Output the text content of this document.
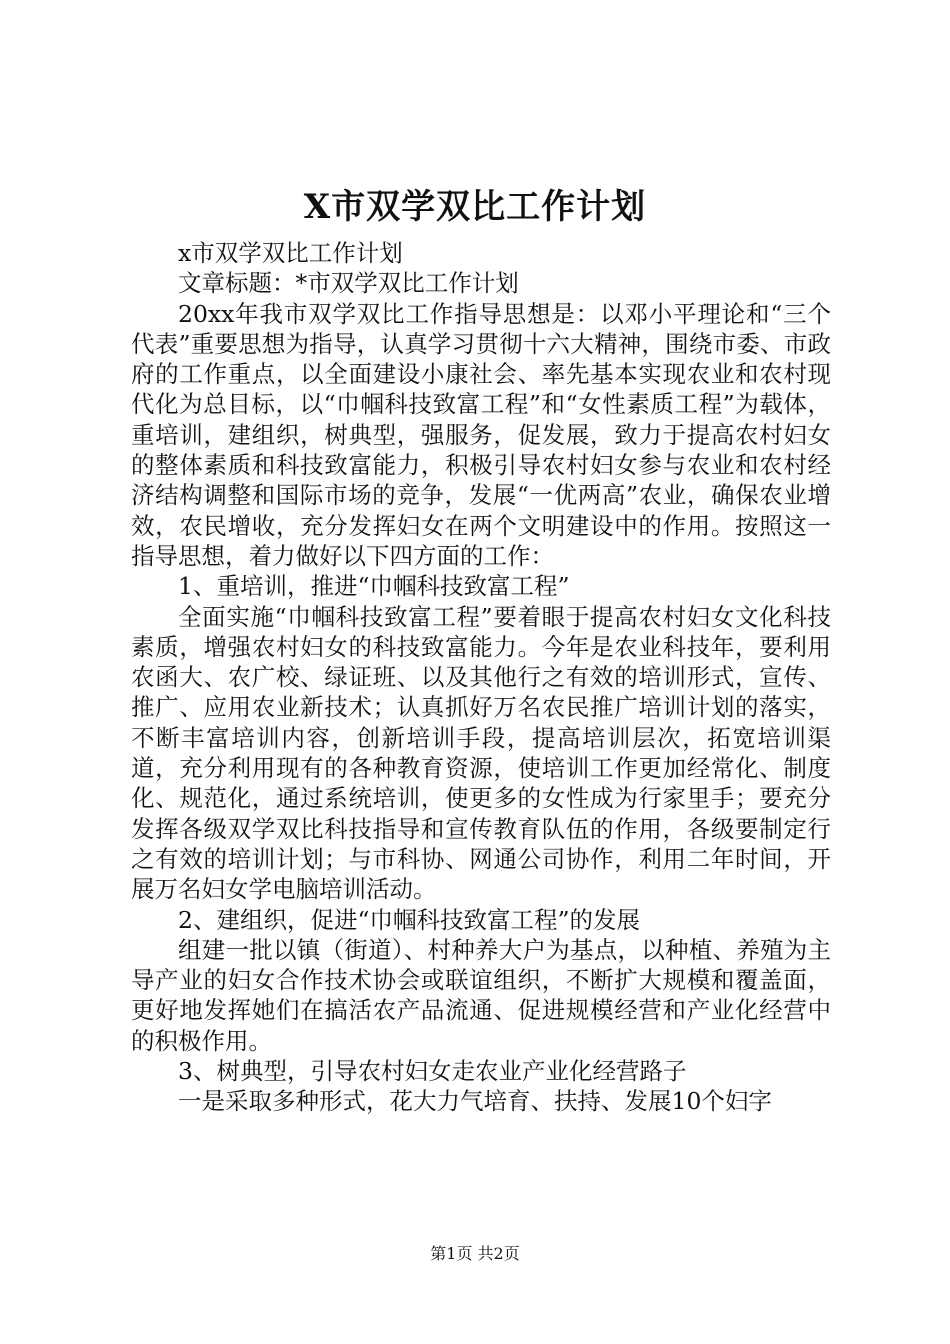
X市双学双比工作计划

x市双学双比工作计划

文章标题：*市双学双比工作计划

20xx年我市双学双比工作指导思想是：以邓小平理论和“三个代表”重要思想为指导，认真学习贯彻十六大精神，围绕市委、市政府的工作重点，以全面建设小康社会、率先基本实现农业和农村现代化为总目标，以“巾帼科技致富工程”和“女性素质工程”为载体，重培训，建组织，树典型，强服务，促发展，致力于提高农村妇女的整体素质和科技致富能力，积极引导农村妇女参与农业和农村经济结构调整和国际市场的竞争，发展“一优两高”农业，确保农业增效，农民增收，充分发挥妇女在两个文明建设中的作用。按照这一指导思想，着力做好以下四方面的工作：

1、重培训，推进“巾帼科技致富工程”

全面实施“巾帼科技致富工程”要着眼于提高农村妇女文化科技素质，增强农村妇女的科技致富能力。今年是农业科技年，要利用农函大、农广校、绿证班、以及其他行之有效的培训形式，宣传、推广、应用农业新技术；认真抓好万名农民推广培训计划的落实，不断丰富培训内容，创新培训手段，提高培训层次，拓宽培训渠道，充分利用现有的各种教育资源，使培训工作更加经常化、制度化、规范化，通过系统培训，使更多的女性成为行家里手；要充分发挥各级双学双比科技指导和宣传教育队伍的作用，各级要制定行之有效的培训计划；与市科协、网通公司协作，利用二年时间，开展万名妇女学电脑培训活动。

2、建组织，促进“巾帼科技致富工程”的发展

组建一批以镇（街道）、村种养大户为基点，以种植、养殖为主导产业的妇女合作技术协会或联谊组织，不断扩大规模和覆盖面，更好地发挥她们在搞活农产品流通、促进规模经营和产业化经营中的积极作用。

3、树典型，引导农村妇女走农业产业化经营路子

一是采取多种形式，花大力气培育、扶持、发展10个妇字

第1页 共2页
